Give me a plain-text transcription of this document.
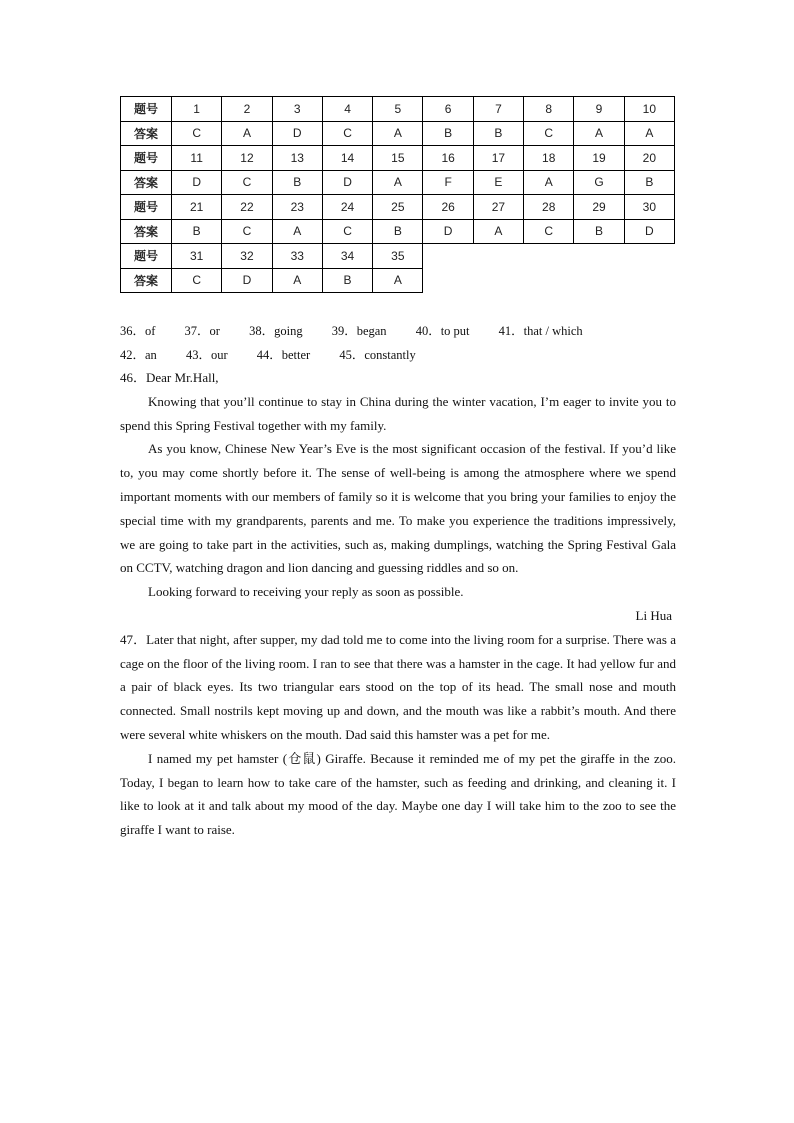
题号	1	2	3	4	5	6	7	8	9	10
答案	C	A	D	C	A	B	B	C	A	A
题号	11	12	13	14	15	16	17	18	19	20
答案	D	C	B	D	A	F	E	A	G	B
题号	21	22	23	24	25	26	27	28	29	30
答案	B	C	A	C	B	D	A	C	B	D
题号	31	32	33	34	35					
答案	C	D	A	B	A					
36．of 37．or 38．going 39．began 40．to put 41．that / which
42．an 43．our 44．better 45．constantly

46．Dear Mr.Hall,

Knowing that you’ll continue to stay in China during the winter vacation, I’m eager to invite you to spend this Spring Festival together with my family.

As you know, Chinese New Year’s Eve is the most significant occasion of the festival. If you’d like to, you may come shortly before it. The sense of well-being is among the atmosphere where we spend important moments with our members of family so it is welcome that you bring your families to enjoy the special time with my grandparents, parents and me. To make you experience the traditions impressively, we are going to take part in the activities, such as, making dumplings, watching the Spring Festival Gala on CCTV, watching dragon and lion dancing and guessing riddles and so on.

Looking forward to receiving your reply as soon as possible.

Li Hua

47．Later that night, after supper, my dad told me to come into the living room for a surprise. There was a cage on the floor of the living room. I ran to see that there was a hamster in the cage. It had yellow fur and a pair of black eyes. Its two triangular ears stood on the top of its head. The small nose and mouth connected. Small nostrils kept moving up and down, and the mouth was like a rabbit’s mouth. And there were several white whiskers on the mouth. Dad said this hamster was a pet for me.

I named my pet hamster (仓鼠) Giraffe. Because it reminded me of my pet the giraffe in the zoo. Today, I began to learn how to take care of the hamster, such as feeding and drinking, and cleaning it. I like to look at it and talk about my mood of the day. Maybe one day I will take him to the zoo to see the giraffe I want to raise.
